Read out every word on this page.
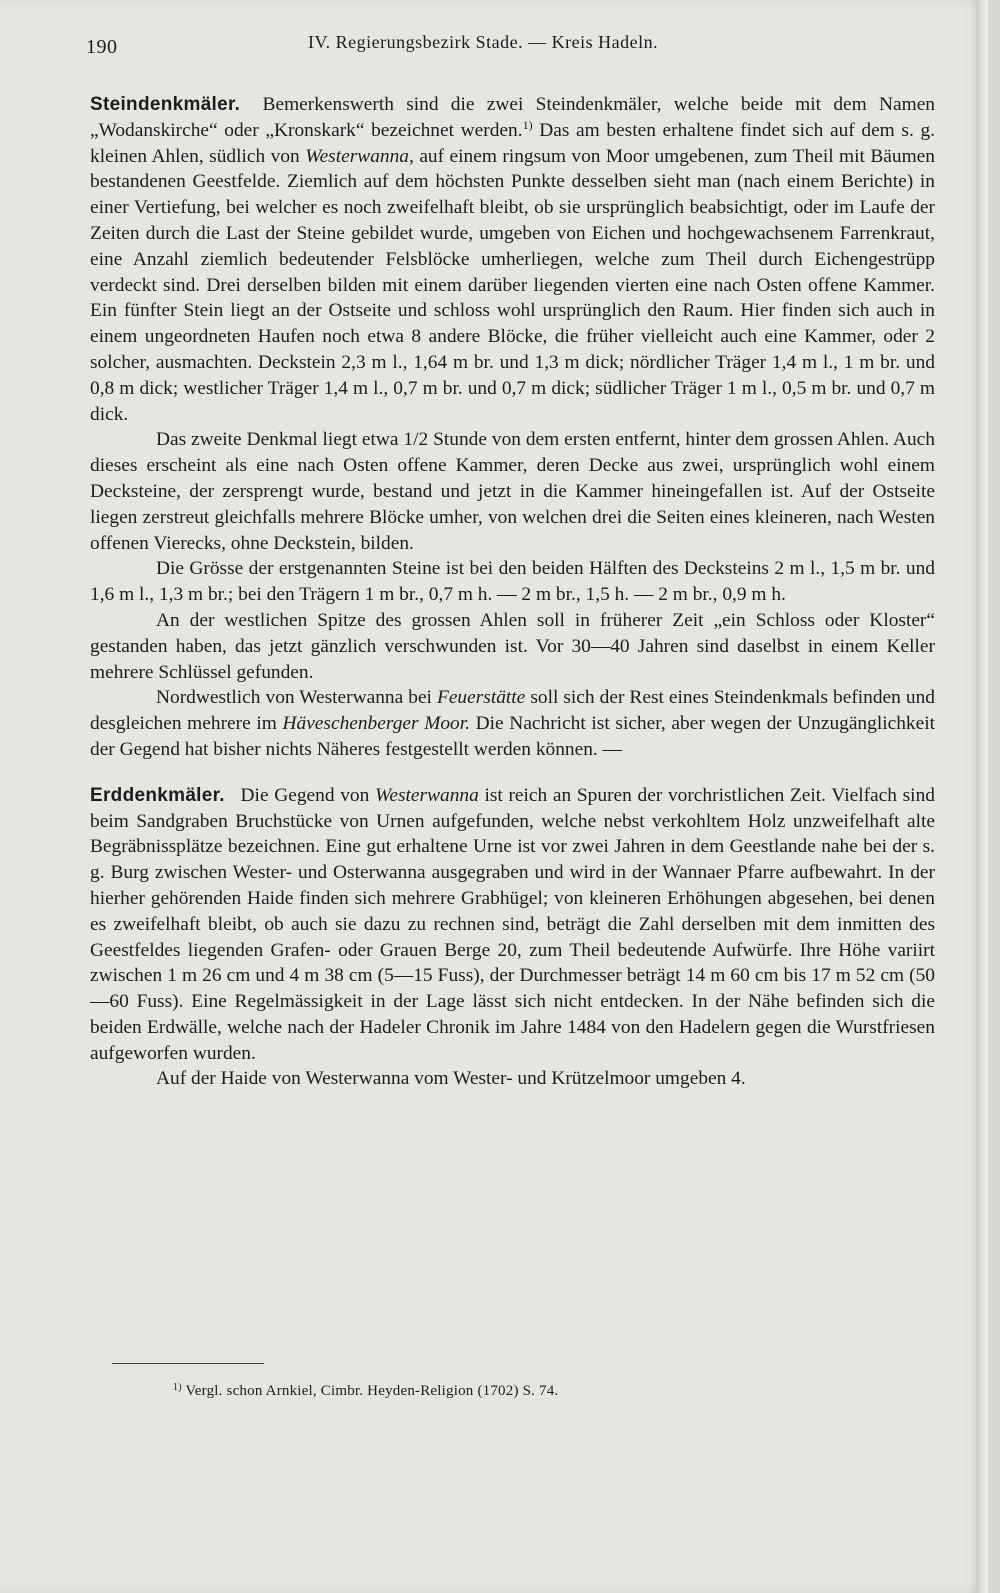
190	IV. Regierungsbezirk Stade. — Kreis Hadeln.

Steindenkmäler. Bemerkenswerth sind die zwei Steindenkmäler, welche beide mit dem Namen „Wodanskirche“ oder „Kronskark“ bezeichnet werden.$^{1)}$ Das am besten erhaltene findet sich auf dem s. g. kleinen Ahlen, südlich von Westerwanna, auf einem ringsum von Moor umgebenen, zum Theil mit Bäumen bestandenen Geestfelde. Ziemlich auf dem höchsten Punkte desselben sieht man (nach einem Berichte) in einer Vertiefung, bei welcher es noch zweifelhaft bleibt, ob sie ursprünglich beabsichtigt, oder im Laufe der Zeiten durch die Last der Steine gebildet wurde, umgeben von Eichen und hochgewachsenem Farrenkraut, eine Anzahl ziemlich bedeutender Felsblöcke umherliegen, welche zum Theil durch Eichengestrüpp verdeckt sind. Drei derselben bilden mit einem darüber liegenden vierten eine nach Osten offene Kammer. Ein fünfter Stein liegt an der Ostseite und schloss wohl ursprünglich den Raum. Hier finden sich auch in einem ungeordneten Haufen noch etwa 8 andere Blöcke, die früher vielleicht auch eine Kammer, oder 2 solcher, ausmachten. Deckstein 2,3 m l., 1,64 m br. und 1,3 m dick; nördlicher Träger 1,4 m l., 1 m br. und 0,8 m dick; westlicher Träger 1,4 m l., 0,7 m br. und 0,7 m dick; südlicher Träger 1 m l., 0,5 m br. und 0,7 m dick.

Das zweite Denkmal liegt etwa 1/2 Stunde von dem ersten entfernt, hinter dem grossen Ahlen. Auch dieses erscheint als eine nach Osten offene Kammer, deren Decke aus zwei, ursprünglich wohl einem Decksteine, der zersprengt wurde, bestand und jetzt in die Kammer hineingefallen ist. Auf der Ostseite liegen zerstreut gleichfalls mehrere Blöcke umher, von welchen drei die Seiten eines kleineren, nach Westen offenen Vierecks, ohne Deckstein, bilden.

Die Grösse der erstgenannten Steine ist bei den beiden Hälften des Decksteins 2 m l., 1,5 m br. und 1,6 m l., 1,3 m br.; bei den Trägern 1 m br., 0,7 m h. — 2 m br., 1,5 h. — 2 m br., 0,9 m h.

An der westlichen Spitze des grossen Ahlen soll in früherer Zeit „ein Schloss oder Kloster“ gestanden haben, das jetzt gänzlich verschwunden ist. Vor 30—40 Jahren sind daselbst in einem Keller mehrere Schlüssel gefunden.

Nordwestlich von Westerwanna bei Feuerstätte soll sich der Rest eines Steindenkmals befinden und desgleichen mehrere im Häveschenberger Moor. Die Nachricht ist sicher, aber wegen der Unzugänglichkeit der Gegend hat bisher nichts Näheres festgestellt werden können. —

Erddenkmäler. Die Gegend von Westerwanna ist reich an Spuren der vorchristlichen Zeit. Vielfach sind beim Sandgraben Bruchstücke von Urnen aufgefunden, welche nebst verkohltem Holz unzweifelhaft alte Begräbnissplätze bezeichnen. Eine gut erhaltene Urne ist vor zwei Jahren in dem Geestlande nahe bei der s. g. Burg zwischen Wester- und Osterwanna ausgegraben und wird in der Wannaer Pfarre aufbewahrt. In der hierher gehörenden Haide finden sich mehrere Grabhügel; von kleineren Erhöhungen abgesehen, bei denen es zweifelhaft bleibt, ob auch sie dazu zu rechnen sind, beträgt die Zahl derselben mit dem inmitten des Geestfeldes liegenden Grafen- oder Grauen Berge 20, zum Theil bedeutende Aufwürfe. Ihre Höhe variirt zwischen 1 m 26 cm und 4 m 38 cm (5—15 Fuss), der Durchmesser beträgt 14 m 60 cm bis 17 m 52 cm (50—60 Fuss). Eine Regelmässigkeit in der Lage lässt sich nicht entdecken. In der Nähe befinden sich die beiden Erdwälle, welche nach der Hadeler Chronik im Jahre 1484 von den Hadelern gegen die Wurstfriesen aufgeworfen wurden.

Auf der Haide von Westerwanna vom Wester- und Krützelmoor umgeben 4.

$^{1)}$ Vergl. schon Arnkiel, Cimbr. Heyden-Religion (1702) S. 74.
